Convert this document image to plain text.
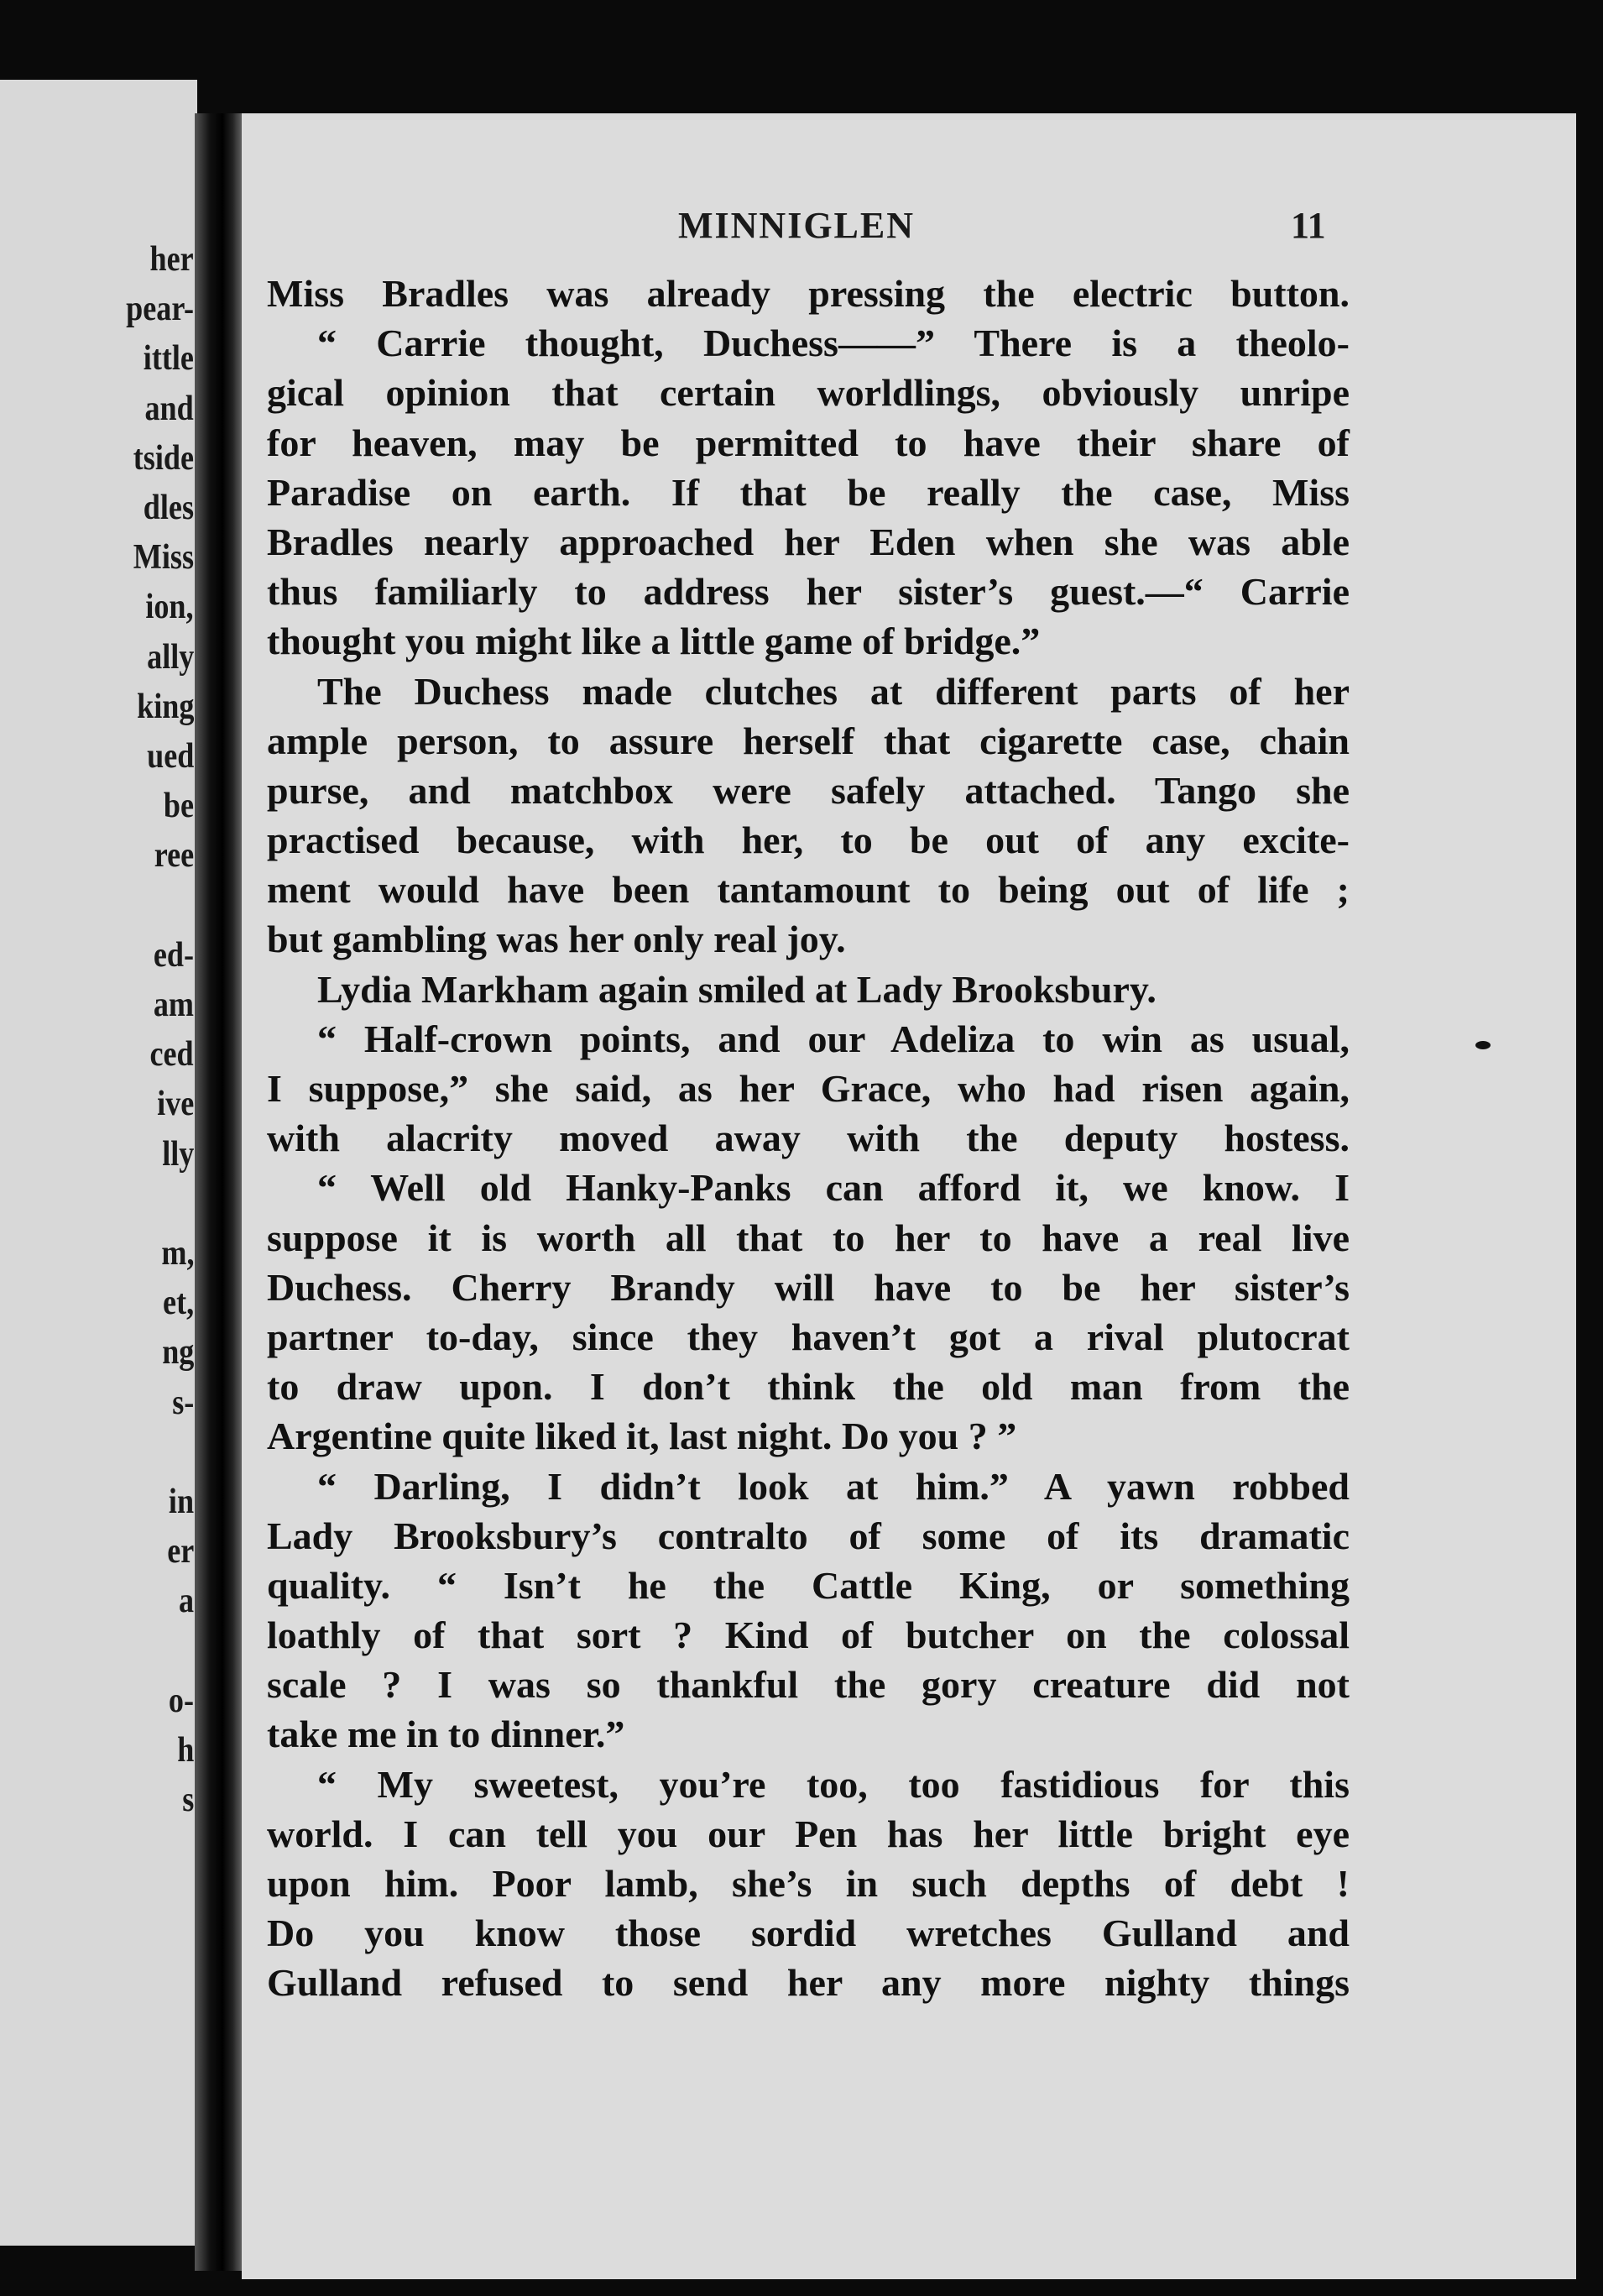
her
pear-
ittle
and
tside
dles
Miss
ion,
ally
king
ued
be
ree
ed-
am
ced
ive
lly
m,
et,
ng
s-
in
er
a
o-
h
s
MINNIGLEN	11
Miss Bradles was already pressing the electric button.
“ Carrie thought, Duchess——” There is a theolo-
gical opinion that certain worldlings, obviously unripe
for heaven, may be permitted to have their share of
Paradise on earth. If that be really the case, Miss
Bradles nearly approached her Eden when she was able
thus familiarly to address her sister’s guest.—“ Carrie
thought you might like a little game of bridge.”
The Duchess made clutches at different parts of her
ample person, to assure herself that cigarette case, chain
purse, and matchbox were safely attached. Tango she
practised because, with her, to be out of any excite-
ment would have been tantamount to being out of life ;
but gambling was her only real joy.
Lydia Markham again smiled at Lady Brooksbury.
“ Half-crown points, and our Adeliza to win as usual,
I suppose,” she said, as her Grace, who had risen again,
with alacrity moved away with the deputy hostess.
“ Well old Hanky-Panks can afford it, we know. I
suppose it is worth all that to her to have a real live
Duchess. Cherry Brandy will have to be her sister’s
partner to-day, since they haven’t got a rival plutocrat
to draw upon. I don’t think the old man from the
Argentine quite liked it, last night. Do you ? ”
“ Darling, I didn’t look at him.” A yawn robbed
Lady Brooksbury’s contralto of some of its dramatic
quality. “ Isn’t he the Cattle King, or something
loathly of that sort ? Kind of butcher on the colossal
scale ? I was so thankful the gory creature did not
take me in to dinner.”
“ My sweetest, you’re too, too fastidious for this
world. I can tell you our Pen has her little bright eye
upon him. Poor lamb, she’s in such depths of debt !
Do you know those sordid wretches Gulland and
Gulland refused to send her any more nighty things
